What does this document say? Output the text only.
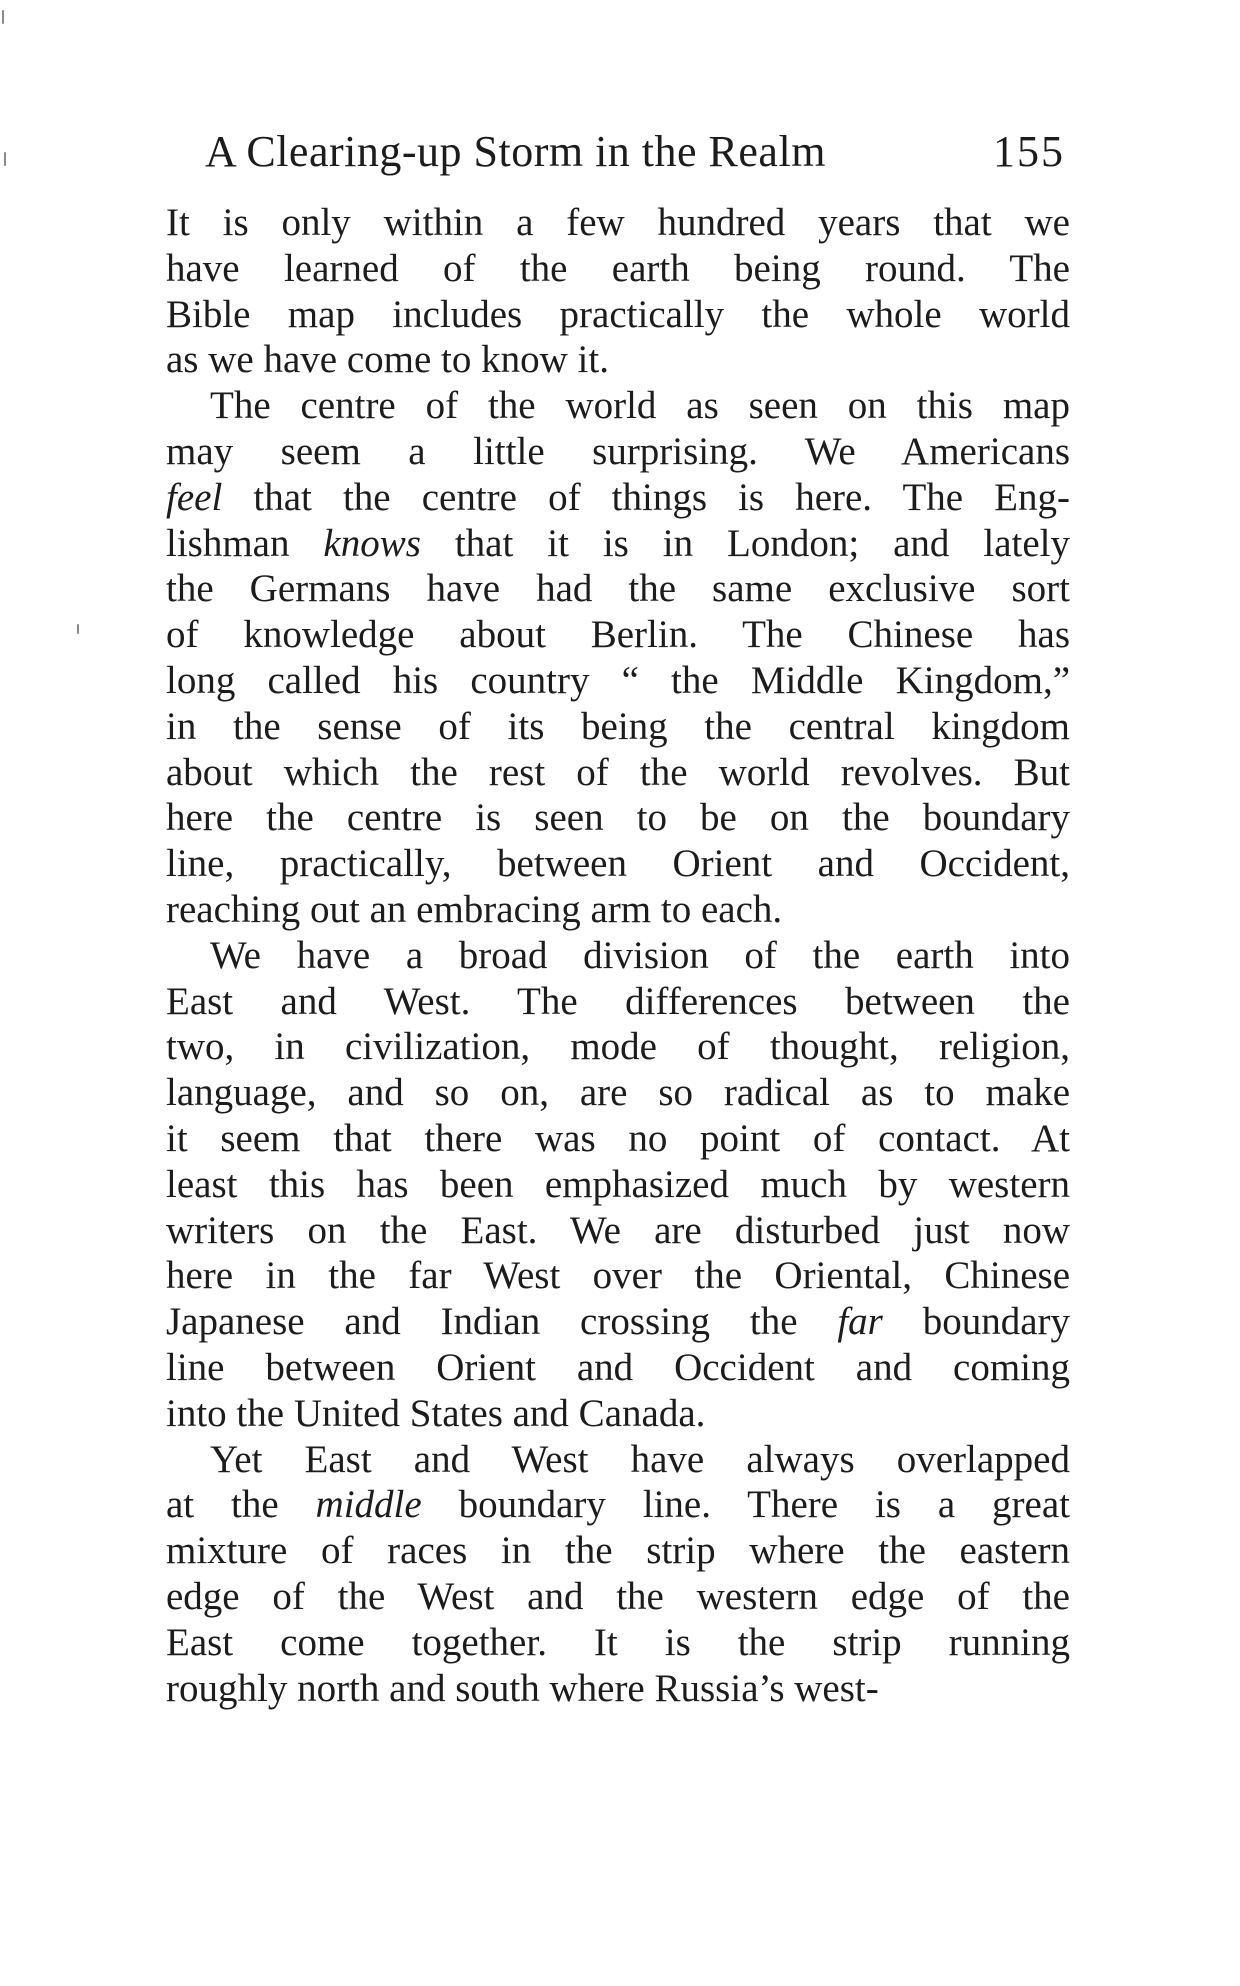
A Clearing-up Storm in the Realm	155

It is only within a few hundred years that we
have learned of the earth being round. The
Bible map includes practically the whole world
as we have come to know it.

The centre of the world as seen on this map
may seem a little surprising. We Americans
feel that the centre of things is here. The Eng-
lishman knows that it is in London; and lately
the Germans have had the same exclusive sort
of knowledge about Berlin. The Chinese has
long called his country “ the Middle Kingdom,”
in the sense of its being the central kingdom
about which the rest of the world revolves. But
here the centre is seen to be on the boundary
line, practically, between Orient and Occident,
reaching out an embracing arm to each.

We have a broad division of the earth into
East and West. The differences between the
two, in civilization, mode of thought, religion,
language, and so on, are so radical as to make
it seem that there was no point of contact. At
least this has been emphasized much by western
writers on the East. We are disturbed just now
here in the far West over the Oriental, Chinese
Japanese and Indian crossing the far boundary
line between Orient and Occident and coming
into the United States and Canada.

Yet East and West have always overlapped
at the middle boundary line. There is a great
mixture of races in the strip where the eastern
edge of the West and the western edge of the
East come together. It is the strip running
roughly north and south where Russia’s west-
